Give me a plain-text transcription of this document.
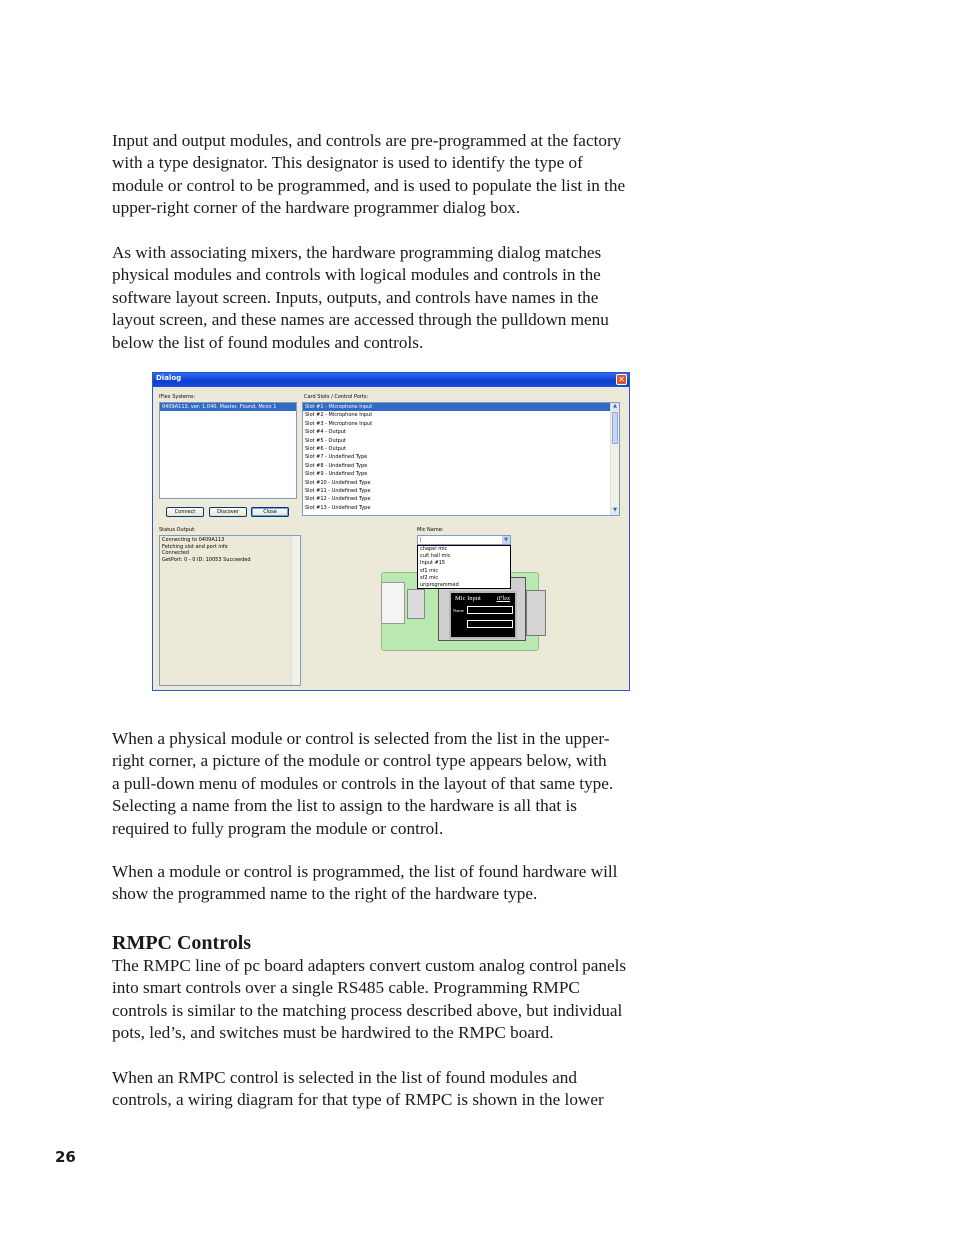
Input and output modules, and controls are pre-programmed at the factory
with a type designator. This designator is used to identify the type of
module or control to be programmed, and is used to populate the list in the
upper-right corner of the hardware programmer dialog box.
As with associating mixers, the hardware programming dialog matches
physical modules and controls with logical modules and controls in the
software layout screen. Inputs, outputs, and controls have names in the
layout screen, and these names are accessed through the pulldown menu
below the list of found modules and controls.
Dialog	✕
iFlex Systems:
0409A113, ver: 1.040, Master, Found, Mcon 1
Card Slots / Control Ports:
Slot #1 - Microphone Input
Slot #2 - Microphone Input
Slot #3 - Microphone Input
Slot #4 - Output
Slot #5 - Output
Slot #6 - Output
Slot #7 - Undefined Type
Slot #8 - Undefined Type
Slot #9 - Undefined Type
Slot #10 - Undefined Type
Slot #11 - Undefined Type
Slot #12 - Undefined Type
Slot #13 - Undefined Type
▲
▼
Connect	Discover	Close
Status Output:
Connecting to 0409A113
Fetching slot and port info
Connected
GetPort: 0 - 0 ID: 10053 Succeeded
Mic Name:
Mic Input iFlex
Name
|	▼
chapel mic
cult hall mic
Input #15
sf1 mic
sf2 mic
unprogrammed
When a physical module or control is selected from the list in the upper-
right corner, a picture of the module or control type appears below, with
a pull-down menu of modules or controls in the layout of that same type.
Selecting a name from the list to assign to the hardware is all that is
required to fully program the module or control.
When a module or control is programmed, the list of found hardware will
show the programmed name to the right of the hardware type.
RMPC Controls
The RMPC line of pc board adapters convert custom analog control panels
into smart controls over a single RS485 cable. Programming RMPC
controls is similar to the matching process described above, but individual
pots, led’s, and switches must be hardwired to the RMPC board.
When an RMPC control is selected in the list of found modules and
controls, a wiring diagram for that type of RMPC is shown in the lower
26
